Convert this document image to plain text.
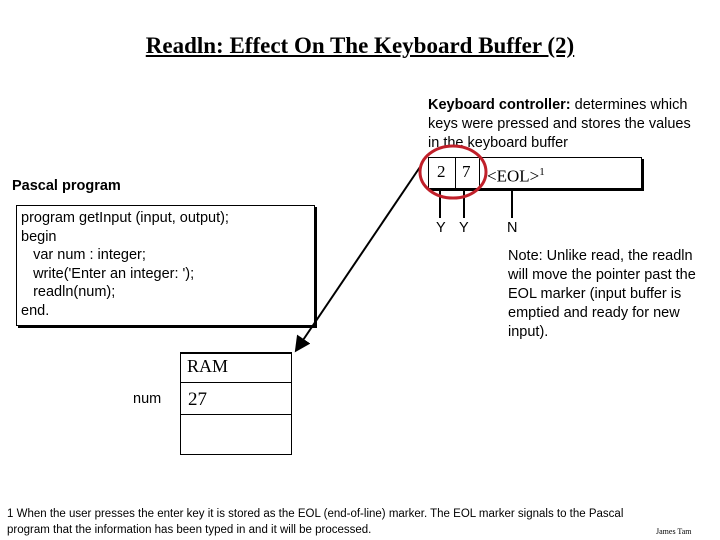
Readln: Effect On The Keyboard Buffer (2)
Keyboard controller: determines which keys were pressed and stores the values in the keyboard buffer
Pascal program
program getInput (input, output);
begin
var num : integer;
write('Enter an integer: ');
readln(num);
end.
2 7 <EOL>$^1$
Y Y	N
Note: Unlike read, the readln will move the pointer past the EOL marker (input buffer is emptied and ready for new input).
RAM
num 27
1 When the user presses the enter key it is stored as the EOL (end-of-line) marker. The EOL marker signals to the Pascal program that the information has been typed in and it will be processed.	James Tam
